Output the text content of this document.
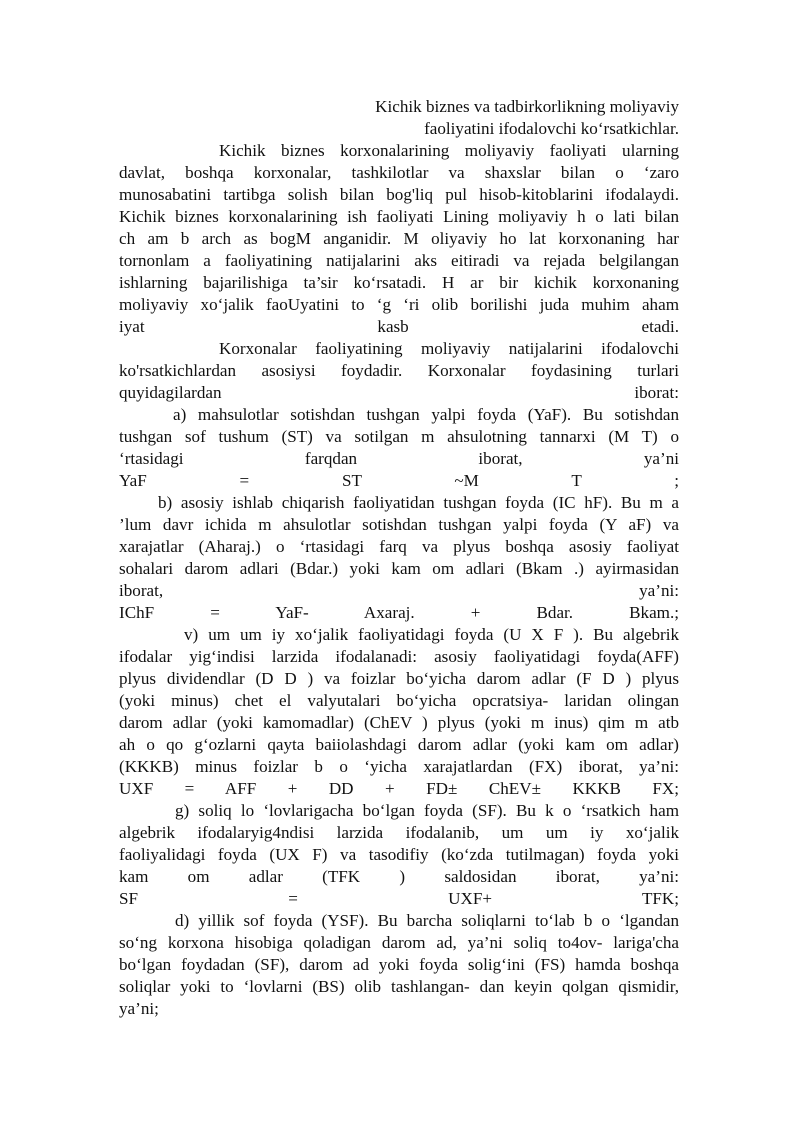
Kichik biznes va tadbirkorlikning moliyaviy
faoliyatini ifodalovchi ko‘rsatkichlar.
Kichik biznes korxonalarining moliyaviy faoliyati ularning
davlat, boshqa korxonalar, tashkilotlar va shaxslar bilan o ‘zaro
munosabatini tartibga solish bilan bog'liq pul hisob-kitoblarini ifodalaydi.
Kichik biznes korxonalarining ish faoliyati Lining moliyaviy h o lati bilan
ch am b arch as bogM anganidir. M oliyaviy ho lat korxonaning har
tornonlam a faoliyatining natijalarini aks eitiradi va rejada belgilangan
ishlarning bajarilishiga ta’sir ko‘rsatadi. H ar bir kichik korxonaning
moliyaviy xo‘jalik faoUyatini to ‘g ‘ri olib borilishi juda muhim aham
iyat kasb etadi.
Korxonalar faoliyatining moliyaviy natijalarini ifodalovchi
ko'rsatkichlardan asosiysi foydadir. Korxonalar foydasining turlari
quyidagilardan iborat:
a) mahsulotlar sotishdan tushgan yalpi foyda (YaF). Bu sotishdan
tushgan sof tushum (ST) va sotilgan m ahsulotning tannarxi (M T) o
‘rtasidagi farqdan iborat, ya’ni
YaF = ST ~M T ;
b) asosiy ishlab chiqarish faoliyatidan tushgan foyda (IC hF). Bu m a
’lum davr ichida m ahsulotlar sotishdan tushgan yalpi foyda (Y aF) va
xarajatlar (Aharaj.) o ‘rtasidagi farq va plyus boshqa asosiy faoliyat
sohalari darom adlari (Bdar.) yoki kam om adlari (Bkam .) ayirmasidan
iborat, ya’ni:
IChF = YaF- Axaraj. + Bdar. Bkam.;
v) um um iy xo‘jalik faoliyatidagi foyda (U X F ). Bu algebrik
ifodalar yig‘indisi larzida ifodalanadi: asosiy faoliyatidagi foyda(AFF)
plyus dividendlar (D D ) va foizlar bo‘yicha darom adlar (F D ) plyus
(yoki minus) chet el valyutalari bo‘yicha opcratsiya- laridan olingan
darom adlar (yoki kamomadlar) (ChEV ) plyus (yoki m inus) qim m atb
ah o qo g‘ozlarni qayta baiiolashdagi darom adlar (yoki kam om adlar)
(KKKB) minus foizlar b o ‘yicha xarajatlardan (FX) iborat, ya’ni:
UXF = AFF + DD + FD± ChEV± KKKB FX;
g) soliq lo ‘lovlarigacha bo‘lgan foyda (SF). Bu k o ‘rsatkich ham
algebrik ifodalaryig4ndisi larzida ifodalanib, um um iy xo‘jalik
faoliyalidagi foyda (UX F) va tasodifiy (ko‘zda tutilmagan) foyda yoki
kam om adlar (TFK ) saldosidan iborat, ya’ni:
SF = UXF+ TFK;
d) yillik sof foyda (YSF). Bu barcha soliqlarni to‘lab b o ‘lgandan
so‘ng korxona hisobiga qoladigan darom ad, ya’ni soliq to4ov- lariga'cha
bo‘lgan foydadan (SF), darom ad yoki foyda solig‘ini (FS) hamda boshqa
soliqlar yoki to ‘lovlarni (BS) olib tashlangan- dan keyin qolgan qismidir,
ya’ni;
